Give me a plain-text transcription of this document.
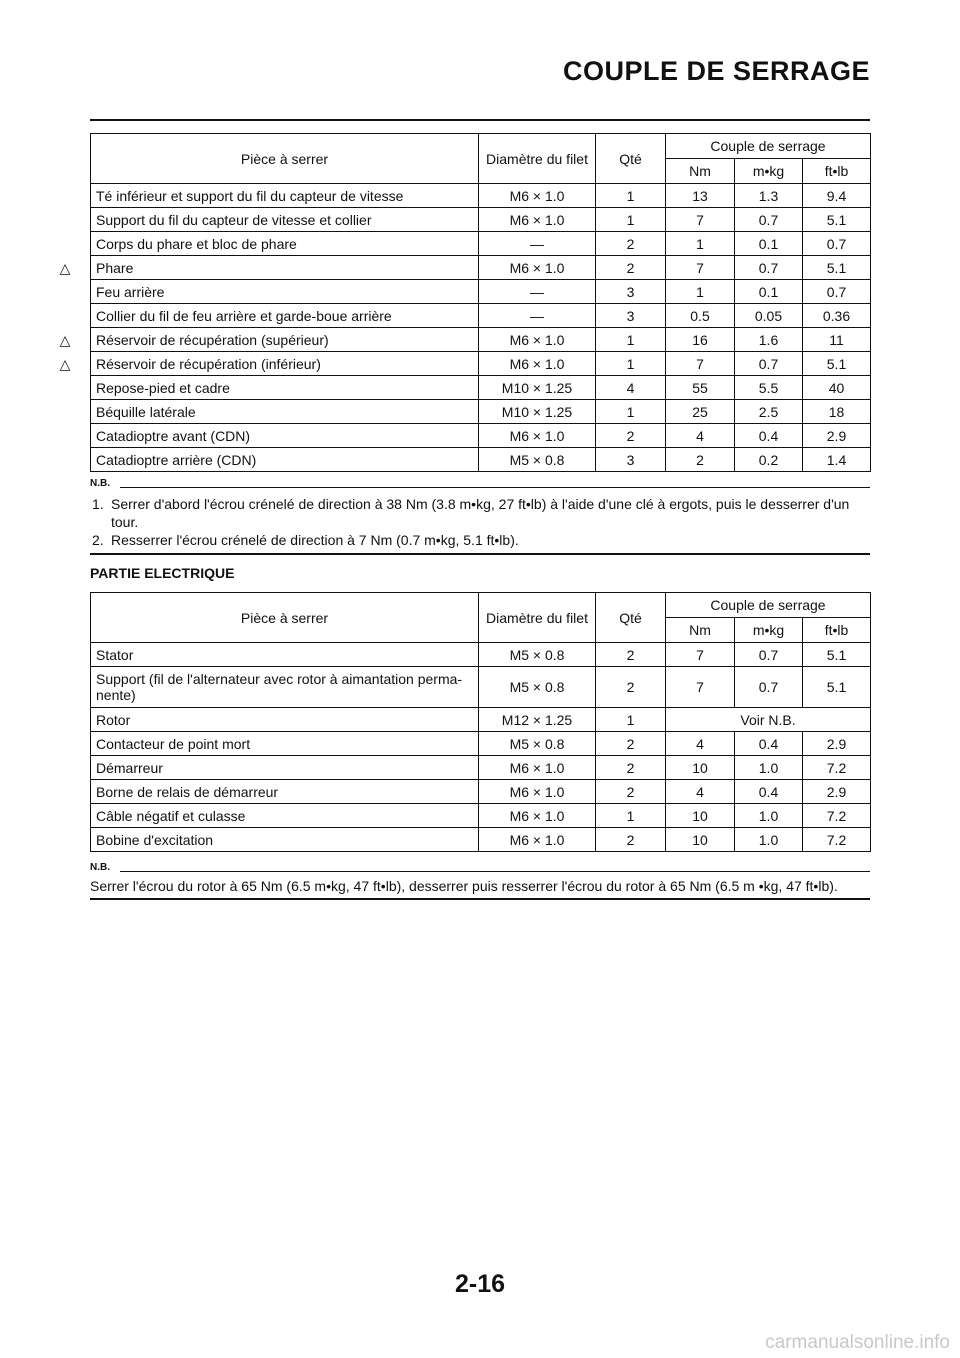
COUPLE DE SERRAGE
Pièce à serrer	Diamètre du filet	Qté	Couple de serrage		
			Nm	m•kg	ft•lb
Té inférieur et support du fil du capteur de vitesse	M6 × 1.0	1	13	1.3	9.4
Support du fil du capteur de vitesse et collier	M6 × 1.0	1	7	0.7	5.1
Corps du phare et bloc de phare	—	2	1	0.1	0.7
Phare	M6 × 1.0	2	7	0.7	5.1
Feu arrière	—	3	1	0.1	0.7
Collier du fil de feu arrière et garde-boue arrière	—	3	0.5	0.05	0.36
Réservoir de récupération (supérieur)	M6 × 1.0	1	16	1.6	11
Réservoir de récupération (inférieur)	M6 × 1.0	1	7	0.7	5.1
Repose-pied et cadre	M10 × 1.25	4	55	5.5	40
Béquille latérale	M10 × 1.25	1	25	2.5	18
Catadioptre avant (CDN)	M6 × 1.0	2	4	0.4	2.9
Catadioptre arrière (CDN)	M5 × 0.8	3	2	0.2	1.4
△
△
△
N.B.
1. Serrer d'abord l'écrou crénelé de direction à 38 Nm (3.8 m•kg, 27 ft•lb) à l'aide d'une clé à ergots, puis le desserrer d'un tour.
2. Resserrer l'écrou crénelé de direction à 7 Nm (0.7 m•kg, 5.1 ft•lb).
PARTIE ELECTRIQUE
Pièce à serrer	Diamètre du filet	Qté	Couple de serrage		
			Nm	m•kg	ft•lb
Stator	M5 × 0.8	2	7	0.7	5.1
Support (fil de l'alternateur avec rotor à aimantation perma-nente)	M5 × 0.8	2	7	0.7	5.1
Rotor	M12 × 1.25	1	Voir N.B.		
Contacteur de point mort	M5 × 0.8	2	4	0.4	2.9
Démarreur	M6 × 1.0	2	10	1.0	7.2
Borne de relais de démarreur	M6 × 1.0	2	4	0.4	2.9
Câble négatif et culasse	M6 × 1.0	1	10	1.0	7.2
Bobine d'excitation	M6 × 1.0	2	10	1.0	7.2
N.B.
Serrer l'écrou du rotor à 65 Nm (6.5 m•kg, 47 ft•lb), desserrer puis resserrer l'écrou du rotor à 65 Nm (6.5 m •kg, 47 ft•lb).
2-16
carmanualsonline.info
